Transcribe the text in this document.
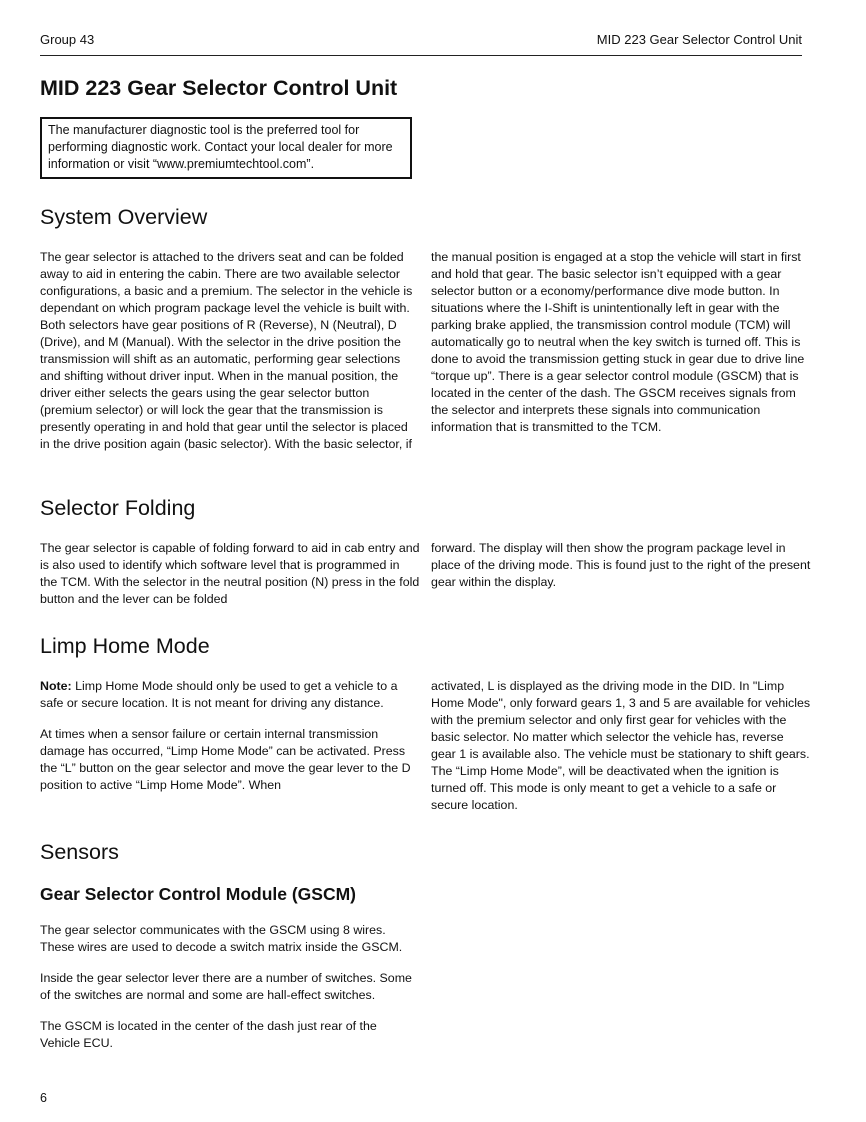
Group 43	MID 223 Gear Selector Control Unit
MID 223 Gear Selector Control Unit
The manufacturer diagnostic tool is the preferred tool for performing diagnostic work. Contact your local dealer for more information or visit “www.premiumtechtool.com”.
System Overview

The gear selector is attached to the drivers seat and can be folded away to aid in entering the cabin. There are two available selector configurations, a basic and a premium. The selector in the vehicle is dependant on which program package level the vehicle is built with. Both selectors have gear positions of R (Reverse), N (Neutral), D (Drive), and M (Manual). With the selector in the drive position the transmission will shift as an automatic, performing gear selections and shifting without driver input. When in the manual position, the driver either selects the gears using the gear selector button (premium selector) or will lock the gear that the transmission is presently operating in and hold that gear until the selector is placed in the drive position again (basic selector). With the basic selector, if

the manual position is engaged at a stop the vehicle will start in first and hold that gear. The basic selector isn’t equipped with a gear selector button or a economy/performance dive mode button. In situations where the I-Shift is unintentionally left in gear with the parking brake applied, the transmission control module (TCM) will automatically go to neutral when the key switch is turned off. This is done to avoid the transmission getting stuck in gear due to drive line “torque up”. There is a gear selector control module (GSCM) that is located in the center of the dash. The GSCM receives signals from the selector and interprets these signals into communication information that is transmitted to the TCM.

Selector Folding

The gear selector is capable of folding forward to aid in cab entry and is also used to identify which software level that is programmed in the TCM. With the selector in the neutral position (N) press in the fold button and the lever can be folded

forward. The display will then show the program package level in place of the driving mode. This is found just to the right of the present gear within the display.

Limp Home Mode

Note: Limp Home Mode should only be used to get a vehicle to a safe or secure location. It is not meant for driving any distance.

At times when a sensor failure or certain internal transmission damage has occurred, “Limp Home Mode” can be activated. Press the “L” button on the gear selector and move the gear lever to the D position to active “Limp Home Mode”. When

activated, L is displayed as the driving mode in the DID. In "Limp Home Mode", only forward gears 1, 3 and 5 are available for vehicles with the premium selector and only first gear for vehicles with the basic selector. No matter which selector the vehicle has, reverse gear 1 is available also. The vehicle must be stationary to shift gears. The “Limp Home Mode”, will be deactivated when the ignition is turned off. This mode is only meant to get a vehicle to a safe or secure location.

Sensors
Gear Selector Control Module (GSCM)

The gear selector communicates with the GSCM using 8 wires. These wires are used to decode a switch matrix inside the GSCM.

Inside the gear selector lever there are a number of switches. Some of the switches are normal and some are hall-effect switches.

The GSCM is located in the center of the dash just rear of the Vehicle ECU.

6
